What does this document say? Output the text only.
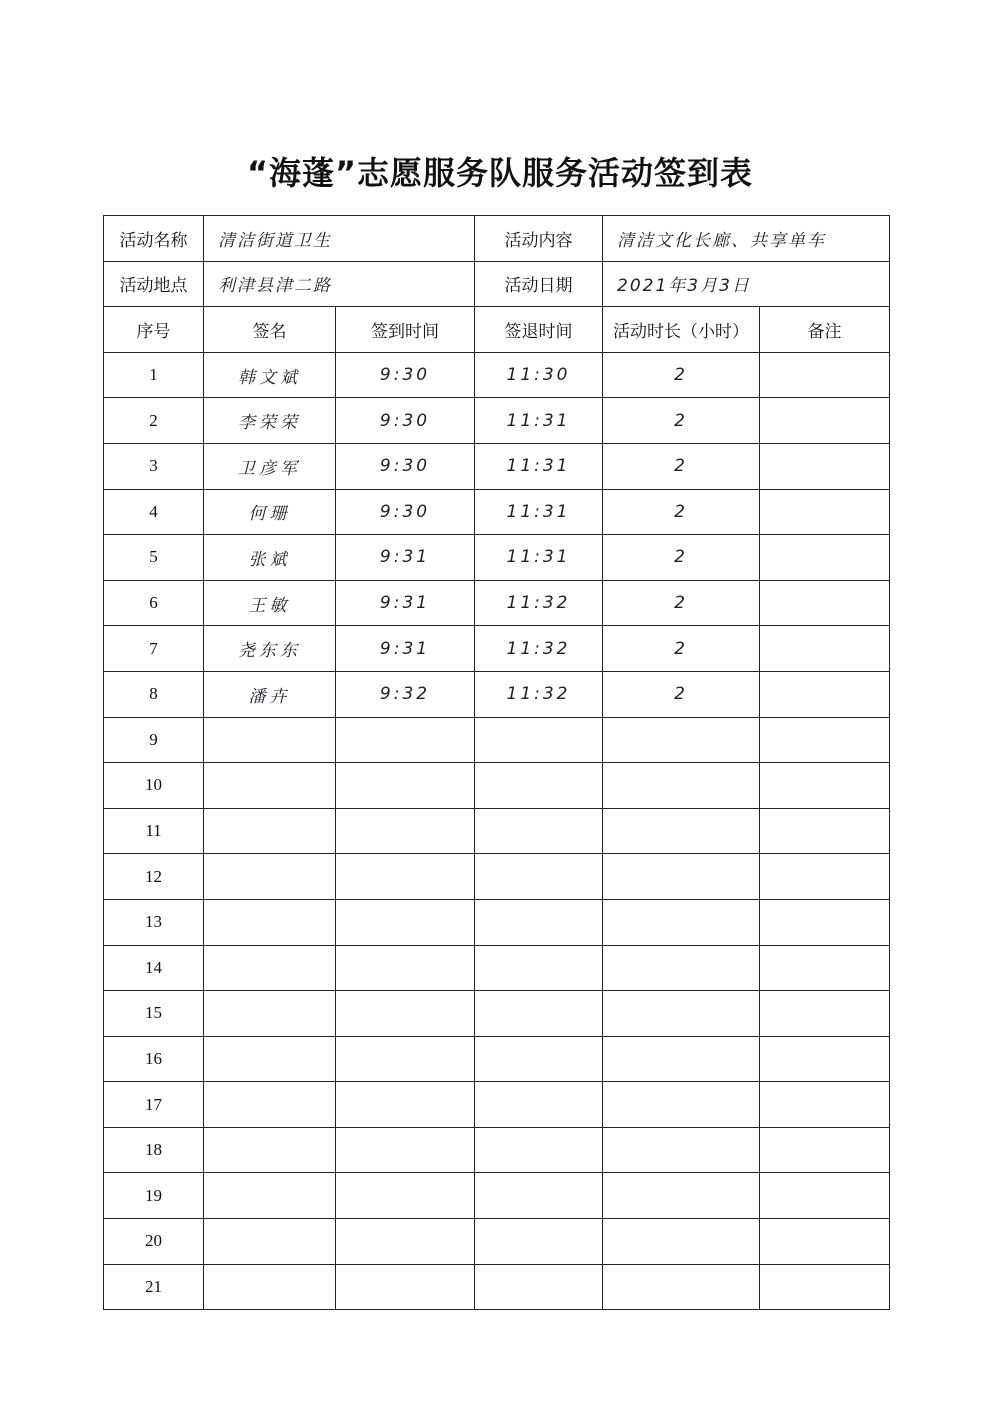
“海蓬”志愿服务队服务活动签到表
活动名称	清洁街道卫生		活动内容	清洁文化长廊、共享单车	
活动地点	利津县津二路		活动日期	2021年3月3日	
序号	签名	签到时间	签退时间	活动时长（小时）	备注
1	韩文斌	9:30	11:30	2	
2	李荣荣	9:30	11:31	2	
3	卫彦军	9:30	11:31	2	
4	何珊	9:30	11:31	2	
5	张斌	9:31	11:31	2	
6	王敏	9:31	11:32	2	
7	尧东东	9:31	11:32	2	
8	潘卉	9:32	11:32	2	
9					
10					
11					
12					
13					
14					
15					
16					
17					
18					
19					
20					
21					
